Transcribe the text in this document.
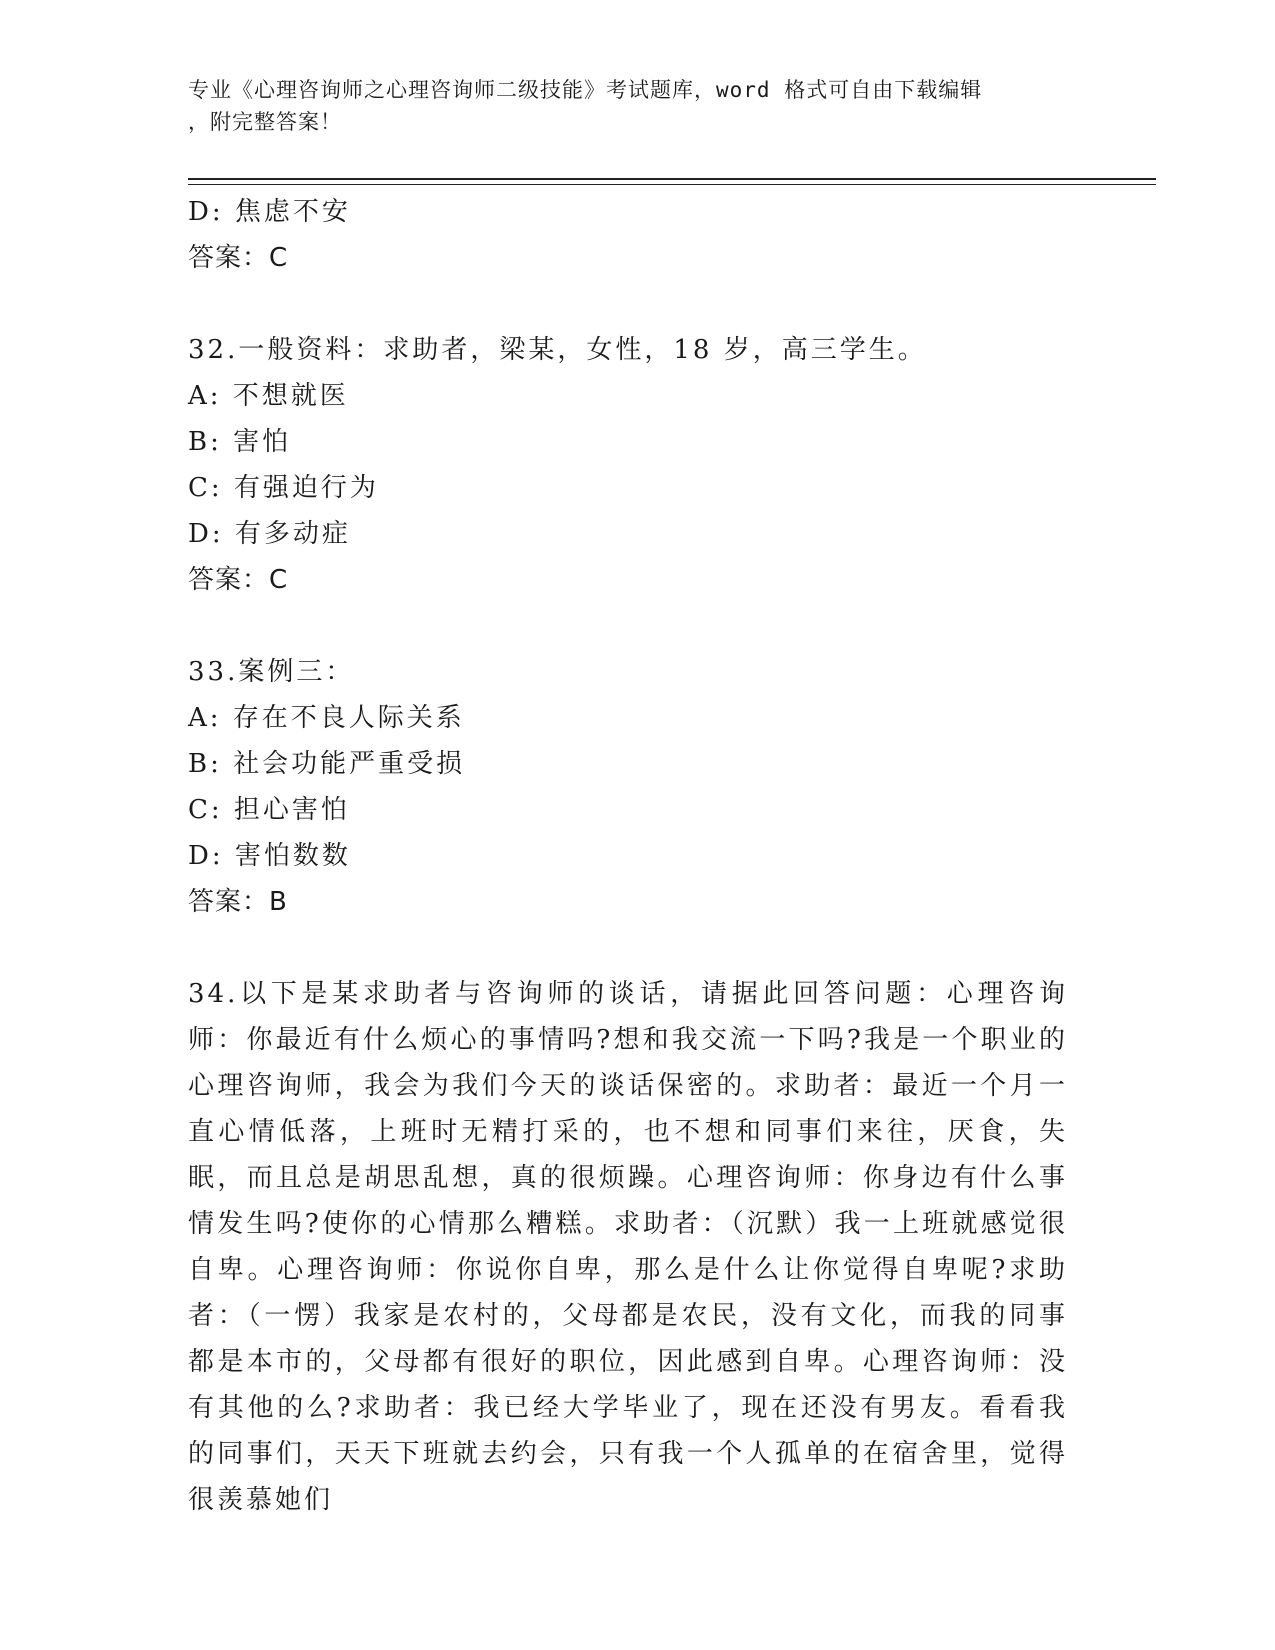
专业《心理咨询师之心理咨询师二级技能》考试题库，word 格式可自由下载编辑
，附完整答案！
D: 焦虑不安
答案：C
32.一般资料：求助者，梁某，女性，18 岁，高三学生。
A: 不想就医
B: 害怕
C: 有强迫行为
D: 有多动症
答案：C
33.案例三：
A: 存在不良人际关系
B: 社会功能严重受损
C: 担心害怕
D: 害怕数数
答案：B
34.以下是某求助者与咨询师的谈话，请据此回答问题：心理咨询师：你最近有什么烦心的事情吗?想和我交流一下吗?我是一个职业的心理咨询师，我会为我们今天的谈话保密的。求助者：最近一个月一直心情低落，上班时无精打采的，也不想和同事们来往，厌食，失眠，而且总是胡思乱想，真的很烦躁。心理咨询师：你身边有什么事情发生吗?使你的心情那么糟糕。求助者：（沉默）我一上班就感觉很自卑。心理咨询师：你说你自卑，那么是什么让你觉得自卑呢?求助者：（一愣）我家是农村的，父母都是农民，没有文化，而我的同事都是本市的，父母都有很好的职位，因此感到自卑。心理咨询师：没有其他的么?求助者：我已经大学毕业了，现在还没有男友。看看我的同事们，天天下班就去约会，只有我一个人孤单的在宿舍里，觉得很羡慕她们
